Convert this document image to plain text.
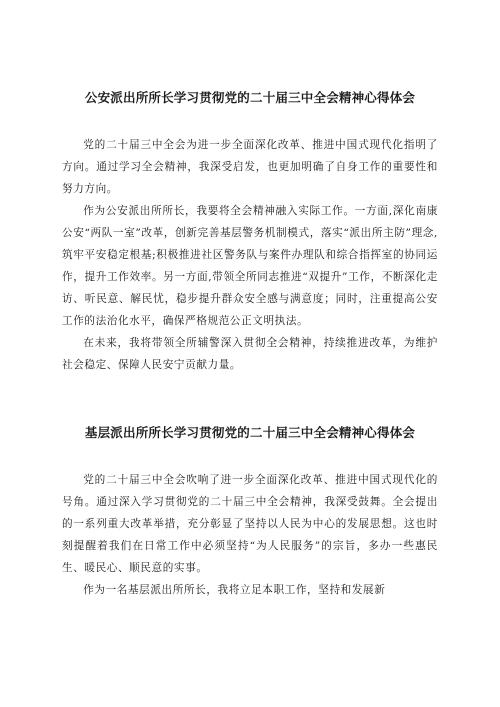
公安派出所所长学习贯彻党的二十届三中全会精神心得体会

党的二十届三中全会为进一步全面深化改革、推进中国式现代化指明了方向。通过学习全会精神，我深受启发，也更加明确了自身工作的重要性和努力方向。

作为公安派出所所长，我要将全会精神融入实际工作。一方面,深化南康公安“两队一室”改革，创新完善基层警务机制模式，落实“派出所主防”理念,筑牢平安稳定根基;积极推进社区警务队与案件办理队和综合指挥室的协同运作，提升工作效率。另一方面,带领全所同志推进“双提升”工作，不断深化走访、听民意、解民忧，稳步提升群众安全感与满意度；同时，注重提高公安工作的法治化水平，确保严格规范公正文明执法。

在未来，我将带领全所辅警深入贯彻全会精神，持续推进改革，为维护社会稳定、保障人民安宁贡献力量。

基层派出所所长学习贯彻党的二十届三中全会精神心得体会

党的二十届三中全会吹响了进一步全面深化改革、推进中国式现代化的号角。通过深入学习贯彻党的二十届三中全会精神，我深受鼓舞。全会提出的一系列重大改革举措，充分彰显了坚持以人民为中心的发展思想。这也时刻提醒着我们在日常工作中必须坚持“为人民服务”的宗旨，多办一些惠民生、暖民心、顺民意的实事。

作为一名基层派出所所长，我将立足本职工作，坚持和发展新
